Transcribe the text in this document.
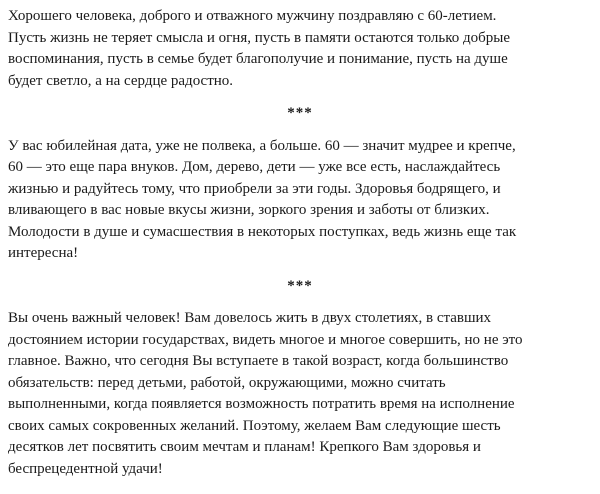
Хорошего человека, доброго и отважного мужчину поздравляю с 60-летием.
Пусть жизнь не теряет смысла и огня, пусть в памяти остаются только добрые
воспоминания, пусть в семье будет благополучие и понимание, пусть на душе
будет светло, а на сердце радостно.

***

У вас юбилейная дата, уже не полвека, а больше. 60 — значит мудрее и крепче,
60 — это еще пара внуков. Дом, дерево, дети — уже все есть, наслаждайтесь
жизнью и радуйтесь тому, что приобрели за эти годы. Здоровья бодрящего, и
вливающего в вас новые вкусы жизни, зоркого зрения и заботы от близких.
Молодости в душе и сумасшествия в некоторых поступках, ведь жизнь еще так
интересна!

***

Вы очень важный человек! Вам довелось жить в двух столетиях, в ставших
достоянием истории государствах, видеть многое и многое совершить, но не это
главное. Важно, что сегодня Вы вступаете в такой возраст, когда большинство
обязательств: перед детьми, работой, окружающими, можно считать
выполненными, когда появляется возможность потратить время на исполнение
своих самых сокровенных желаний. Поэтому, желаем Вам следующие шесть
десятков лет посвятить своим мечтам и планам! Крепкого Вам здоровья и
беспрецедентной удачи!
